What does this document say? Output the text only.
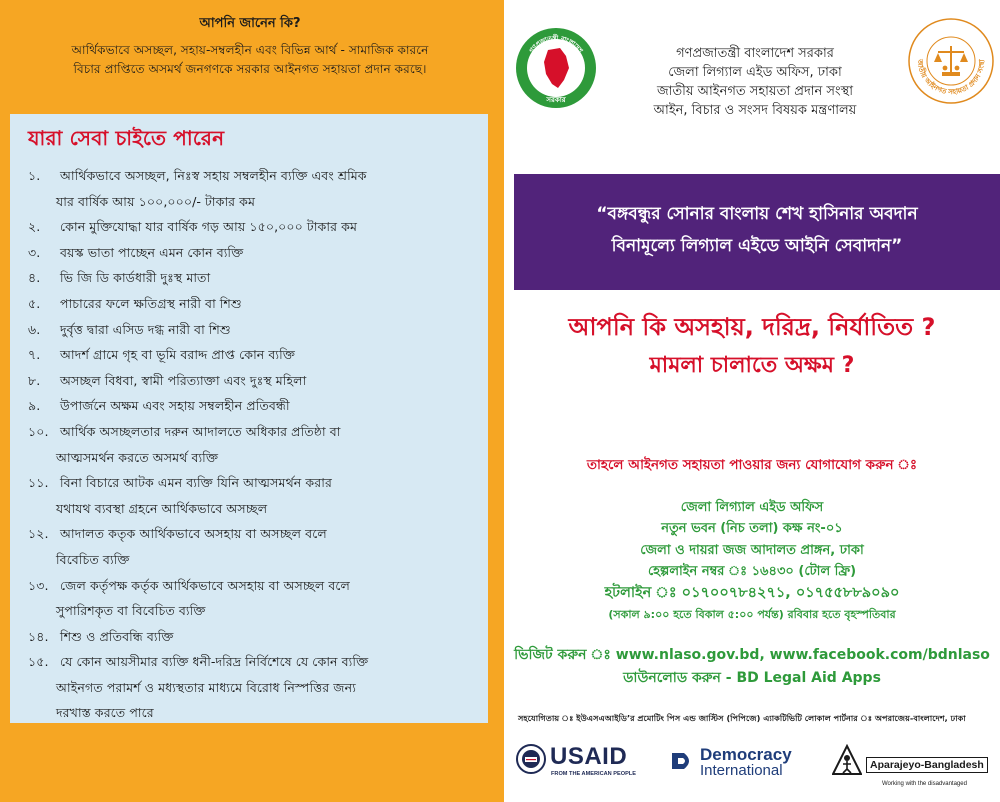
আপনি জানেন কি?

আর্থিকভাবে অসচ্ছল, সহায়-সম্বলহীন এবং বিভিন্ন আর্থ - সামাজিক কারনে

বিচার প্রাপ্তিতে অসমর্থ জনগণকে সরকার আইনগত সহায়তা প্রদান করছে।

যারা সেবা চাইতে পারেন
১. আর্থিকভাবে অসচ্ছল, নিঃস্ব সহায় সম্বলহীন ব্যক্তি এবং শ্রমিক
যার বার্ষিক আয় ১০০,০০০/- টাকার কম
২. কোন মুক্তিযোদ্ধা যার বার্ষিক গড় আয় ১৫০,০০০ টাকার কম
৩. বয়স্ক ভাতা পাচ্ছেন এমন কোন ব্যক্তি
৪. ভি জি ডি কার্ডধারী দুঃস্থ মাতা
৫. পাচারের ফলে ক্ষতিগ্রস্থ নারী বা শিশু
৬. দুর্বৃত্ত দ্বারা এসিড দগ্ধ নারী বা শিশু
৭. আদর্শ গ্রামে গৃহ বা ভূমি বরাদ্দ প্রাপ্ত কোন ব্যক্তি
৮. অসচ্ছল বিধবা, স্বামী পরিত্যাক্তা এবং দুঃস্থ মহিলা
৯. উপার্জনে অক্ষম এবং সহায় সম্বলহীন প্রতিবন্ধী
১০. আর্থিক অসচ্ছলতার দরুন আদালতে অধিকার প্রতিষ্ঠা বা
আত্মসমর্থন করতে অসমর্থ ব্যক্তি
১১. বিনা বিচারে আটক এমন ব্যক্তি যিনি আত্মসমর্থন করার
যথাযথ ব্যবস্থা গ্রহনে আর্থিকভাবে অসচ্ছল
১২. আদালত কতৃক আর্থিকভাবে অসহায় বা অসচ্ছল বলে
বিবেচিত ব্যক্তি
১৩. জেল কর্তৃপক্ষ কর্তৃক আর্থিকভাবে অসহায় বা অসচ্ছল বলে
সুপারিশকৃত বা বিবেচিত ব্যক্তি
১৪. শিশু ও প্রতিবন্ধি ব্যক্তি
১৫. যে কোন আয়সীমার ব্যক্তি ধনী-দরিদ্র নির্বিশেষে যে কোন ব্যক্তি
আইনগত পরামর্শ ও মধ্যস্থতার মাধ্যমে বিরোধ নিস্পত্তির জন্য
দরখাস্ত করতে পারে
গণপ্রজাতন্ত্রী বাংলাদেশ
সরকার
গণপ্রজাতন্ত্রী বাংলাদেশ সরকার
জেলা লিগ্যাল এইড অফিস, ঢাকা
জাতীয় আইনগত সহায়তা প্রদান সংস্থা
আইন, বিচার ও সংসদ বিষয়ক মন্ত্রণালয়
জাতীয় আইনগত সহায়তা প্রদান সংস্থা
“বঙ্গবন্ধুর সোনার বাংলায় শেখ হাসিনার অবদান
বিনামূল্যে লিগ্যাল এইডে আইনি সেবাদান”
আপনি কি অসহায়, দরিদ্র, নির্যাতিত ?
মামলা চালাতে অক্ষম ?
তাহলে আইনগত সহায়তা পাওয়ার জন্য যোগাযোগ করুন ঃ
জেলা লিগ্যাল এইড অফিস
নতুন ভবন (নিচ তলা) কক্ষ নং-০১
জেলা ও দায়রা জজ আদালত প্রাঙ্গন, ঢাকা
হেল্পলাইন নম্বর ঃ ১৬৪৩০ (টোল ফ্রি)
হটলাইন ঃ ০১৭০০৭৮৪২৭১, ০১৭৫৫৮৮৯০৯০
(সকাল ৯:০০ হতে বিকাল ৫:০০ পর্যন্ত) রবিবার হতে বৃহস্পতিবার
ভিজিট করুন ঃ www.nlaso.gov.bd, www.facebook.com/bdnlaso
ডাউনলোড করুন - BD Legal Aid Apps
সহযোগিতায় ঃ ইউএসএআইডি’র প্রমোটিং পিস এন্ড জাস্টিস (পিপিজে) এ্যাকটিভিটি লোকাল পার্টনার ঃ অপরাজেয়-বাংলাদেশ, ঢাকা
USAID
FROM THE AMERICAN PEOPLE
Democracy
International	Aparajeyo-Bangladesh
Working with the disadvantaged
